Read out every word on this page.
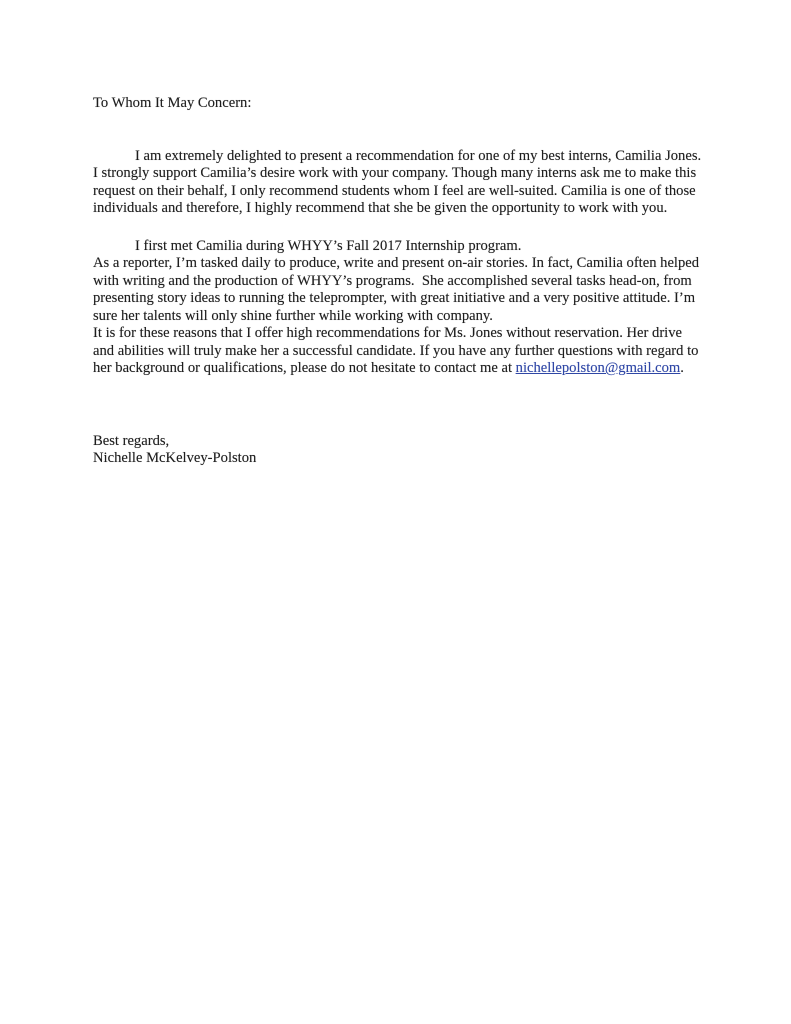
To Whom It May Concern:
I am extremely delighted to present a recommendation for one of my best interns, Camilia Jones. I strongly support Camilia’s desire work with your company. Though many interns ask me to make this request on their behalf, I only recommend students whom I feel are well-suited. Camilia is one of those individuals and therefore, I highly recommend that she be given the opportunity to work with you.
I first met Camilia during WHYY’s Fall 2017 Internship program.
As a reporter, I’m tasked daily to produce, write and present on-air stories. In fact, Camilia often helped with writing and the production of WHYY’s programs.  She accomplished several tasks head-on, from presenting story ideas to running the teleprompter, with great initiative and a very positive attitude. I’m sure her talents will only shine further while working with company.
It is for these reasons that I offer high recommendations for Ms. Jones without reservation. Her drive and abilities will truly make her a successful candidate. If you have any further questions with regard to her background or qualifications, please do not hesitate to contact me at nichellepolston@gmail.com.
Best regards,
Nichelle McKelvey-Polston
